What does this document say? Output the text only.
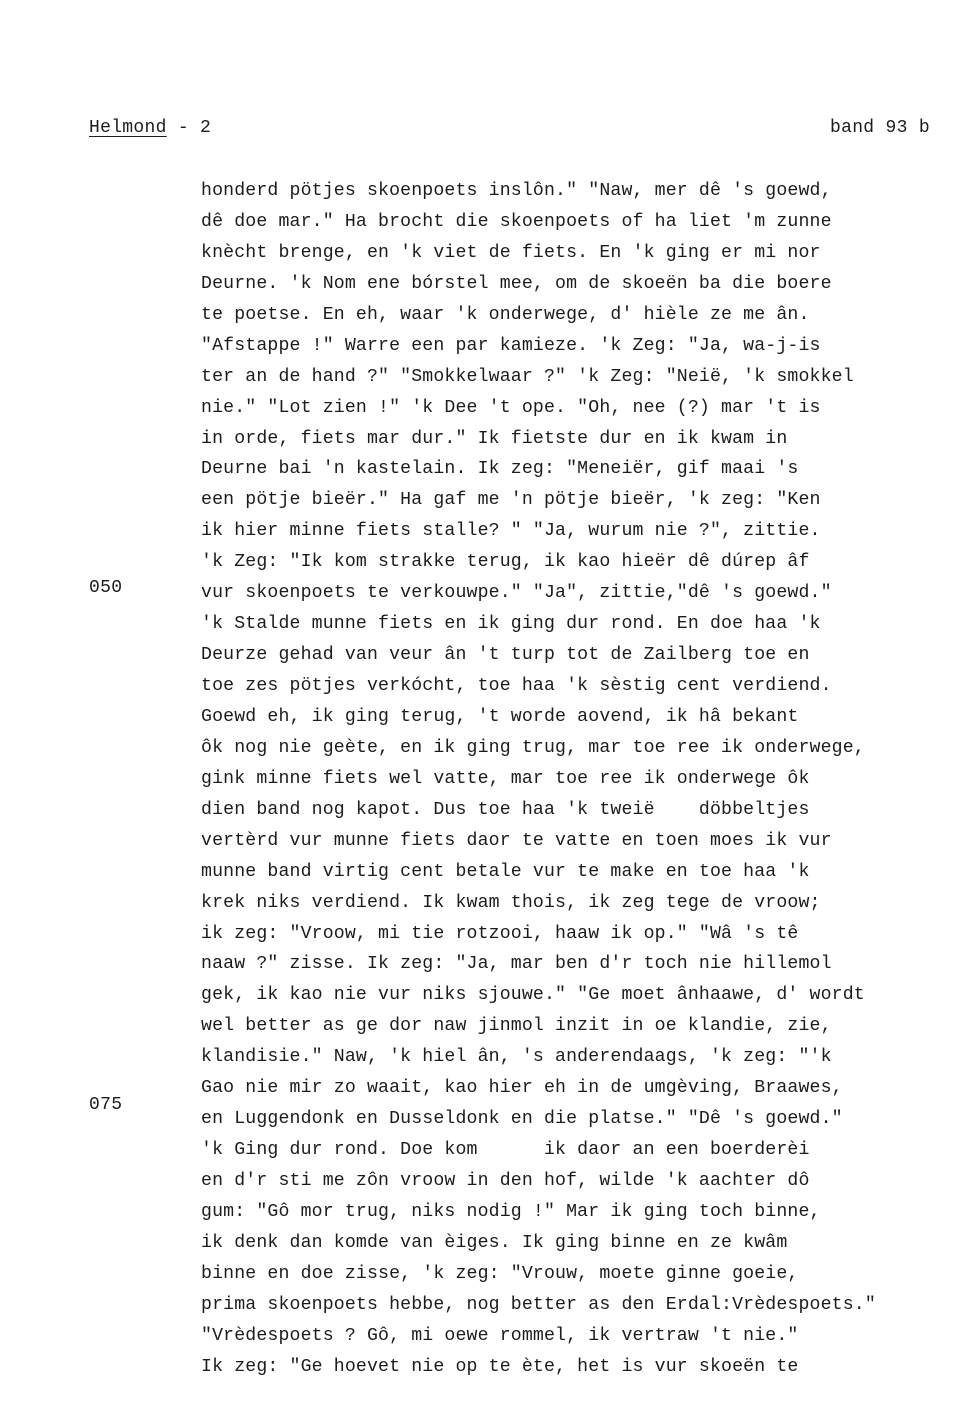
Helmond - 2	band 93 b
050
075
honderd pötjes skoenpoets inslôn." "Naw, mer dê 's goewd,
dê doe mar." Ha brocht die skoenpoets of ha liet 'm zunne
knècht brenge, en 'k viet de fiets. En 'k ging er mi nor
Deurne. 'k Nom ene bórstel mee, om de skoeën ba die boere
te poetse. En eh, waar 'k onderwege, d' hièle ze me ân.
"Afstappe !" Warre een par kamieze. 'k Zeg: "Ja, wa-j-is
ter an de hand ?" "Smokkelwaar ?" 'k Zeg: "Neië, 'k smokkel
nie." "Lot zien !" 'k Dee 't ope. "Oh, nee (?) mar 't is
in orde, fiets mar dur." Ik fietste dur en ik kwam in
Deurne bai 'n kastelain. Ik zeg: "Meneiër, gif maai 's
een pötje bieër." Ha gaf me 'n pötje bieër, 'k zeg: "Ken
ik hier minne fiets stalle? " "Ja, wurum nie ?", zittie.
'k Zeg: "Ik kom strakke terug, ik kao hieër dê dúrep âf
vur skoenpoets te verkouwpe." "Ja", zittie,"dê 's goewd."
'k Stalde munne fiets en ik ging dur rond. En doe haa 'k
Deurze gehad van veur ân 't turp tot de Zailberg toe en
toe zes pötjes verkócht, toe haa 'k sèstig cent verdiend.
Goewd eh, ik ging terug, 't worde aovend, ik hâ bekant
ôk nog nie geète, en ik ging trug, mar toe ree ik onderwege,
gink minne fiets wel vatte, mar toe ree ik onderwege ôk
dien band nog kapot. Dus toe haa 'k tweië    döbbeltjes
vertèrd vur munne fiets daor te vatte en toen moes ik vur
munne band virtig cent betale vur te make en toe haa 'k
krek niks verdiend. Ik kwam thois, ik zeg tege de vroow;
ik zeg: "Vroow, mi tie rotzooi, haaw ik op." "Wâ 's tê
naaw ?" zisse. Ik zeg: "Ja, mar ben d'r toch nie hillemol
gek, ik kao nie vur niks sjouwe." "Ge moet ânhaawe, d' wordt
wel better as ge dor naw jinmol inzit in oe klandie, zie,
klandisie." Naw, 'k hiel ân, 's anderendaags, 'k zeg: "'k
Gao nie mir zo waait, kao hier eh in de umgèving, Braawes,
en Luggendonk en Dusseldonk en die platse." "Dê 's goewd."
'k Ging dur rond. Doe kom      ik daor an een boerderèi
en d'r sti me zôn vroow in den hof, wilde 'k aachter dô
gum: "Gô mor trug, niks nodig !" Mar ik ging toch binne,
ik denk dan komde van èiges. Ik ging binne en ze kwâm
binne en doe zisse, 'k zeg: "Vrouw, moete ginne goeie,
prima skoenpoets hebbe, nog better as den Erdal:Vrèdespoets."
"Vrèdespoets ? Gô, mi oewe rommel, ik vertraw 't nie."
Ik zeg: "Ge hoevet nie op te ète, het is vur skoeën te
